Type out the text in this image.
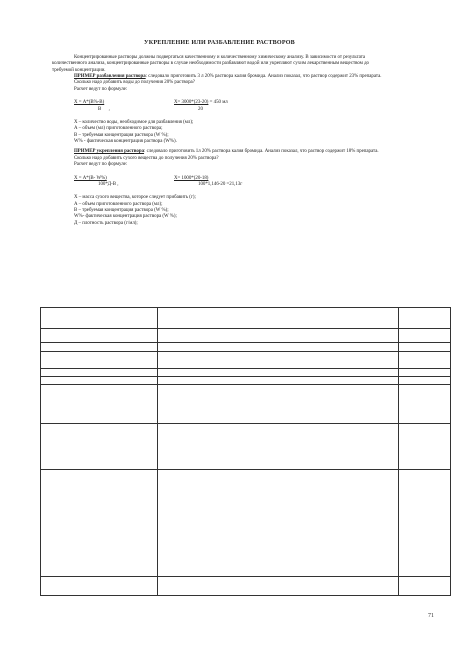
УКРЕПЛЕНИЕ ИЛИ РАЗБАВЛЕНИЕ РАСТВОРОВ

Концентрированные растворы должны подвергаться качественному и количественному химическому анализу. В зависимости от результата количественного анализа, концентрированные растворы в случае необходимости разбавляют водой или укрепляют сухим лекарственным веществом до требуемой концентрации.

ПРИМЕР разбавления раствора: следовало приготовить 3 л 20% раствора калия бромида. Анализ показал, что раствор содержит 23% препарата.

Сколько надо добавить воды до получения 20% раствора?

Расчет ведут по формуле:

X = А*(В%-В)	X= 3000*(23-20) = 450 мл
В ,	20

Х – количество воды, необходимое для разбавления (мл);

А – объем (мл) приготовленного раствора;

В – требуемая концентрация раствора (W %);

W% - фактическая концентрация раствора (W%).

ПРИМЕР укрепления раствора: следовало приготовить 1л 20% раствора калия бромида. Анализ показал, что раствор содержит 18% препарата.

Сколько надо добавить сухого вещества до получения 20% раствора?

Расчет ведут по формуле:

X = А*(В- W%)	X= 1000*(20-18)
100*Д-В ,	100*1,146-20 =21,13г

Х – масса сухого вещества, которое следует прибавить (г);

А – объем приготовленного раствора (мл);

В – требуемая концентрация раствора (W %);

W%- фактическая концентрация раствора (W %);

Д – плотность раствора (г/мл);

71
